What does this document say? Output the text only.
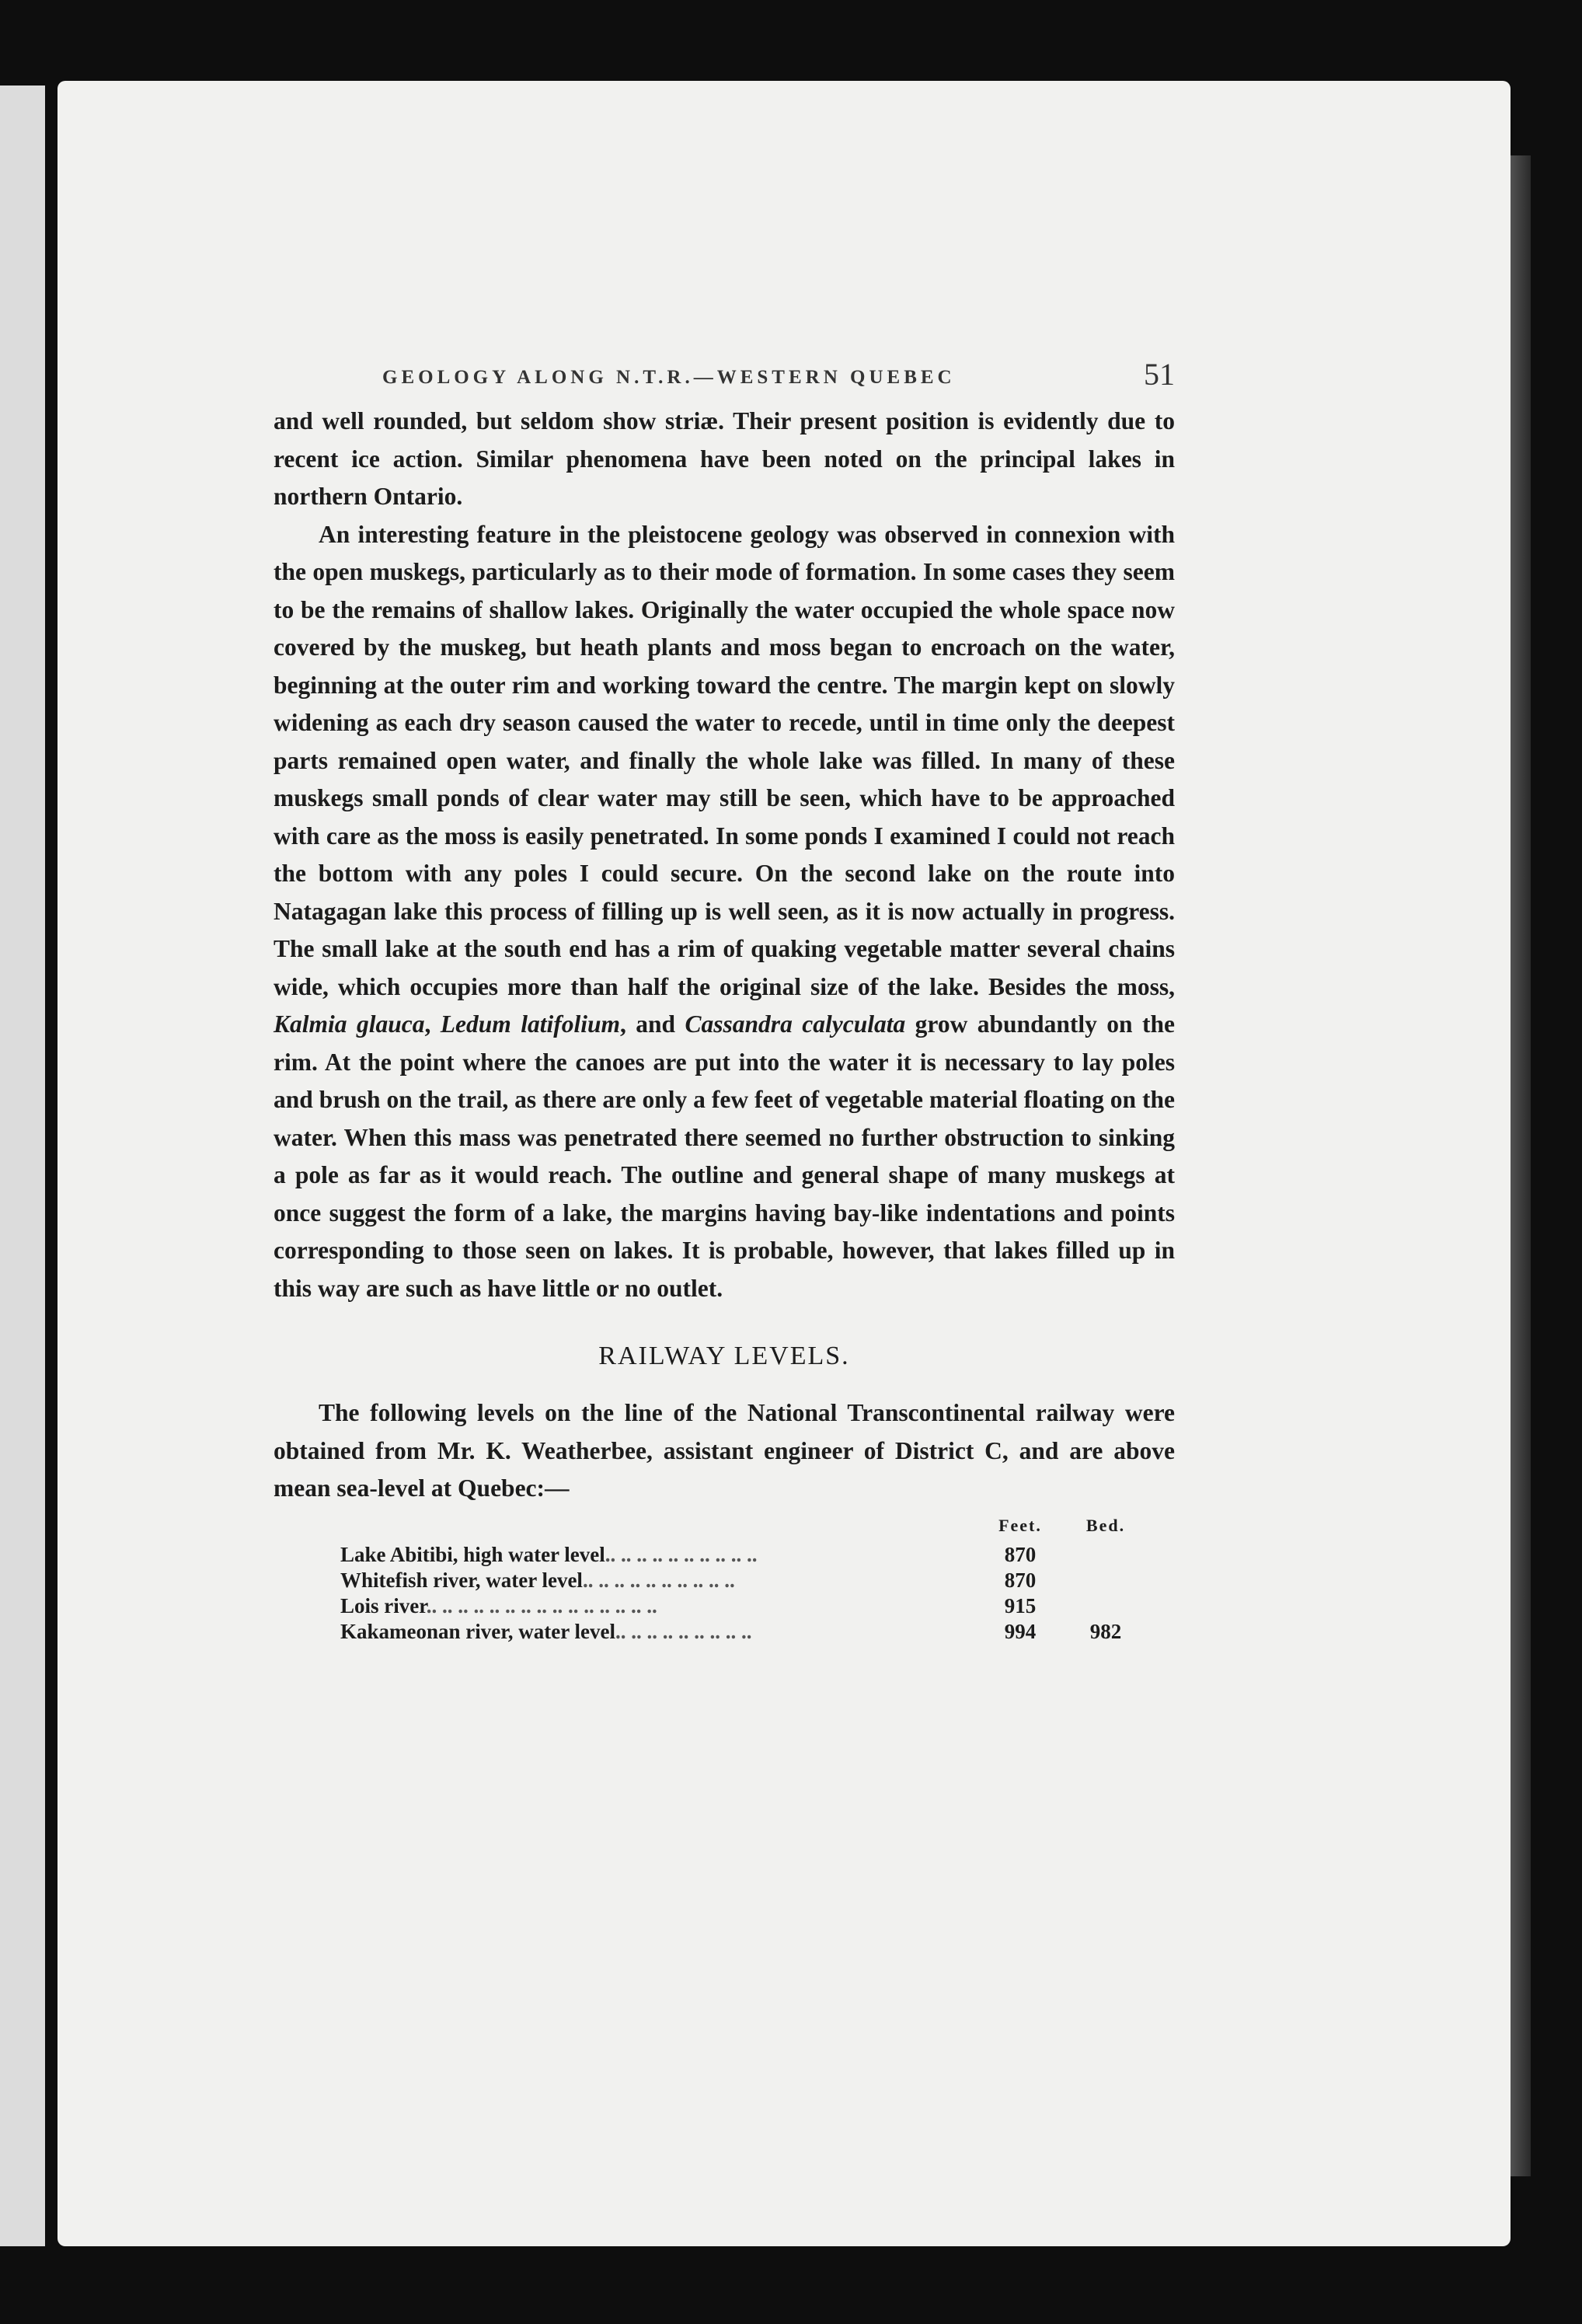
GEOLOGY ALONG N.T.R.—WESTERN QUEBEC	51

and well rounded, but seldom show striæ. Their present position is evidently due to recent ice action. Similar phenomena have been noted on the principal lakes in northern Ontario.

An interesting feature in the pleistocene geology was observed in connexion with the open muskegs, particularly as to their mode of formation. In some cases they seem to be the remains of shallow lakes. Originally the water occupied the whole space now covered by the muskeg, but heath plants and moss began to encroach on the water, beginning at the outer rim and working toward the centre. The margin kept on slowly widening as each dry season caused the water to recede, until in time only the deepest parts remained open water, and finally the whole lake was filled. In many of these muskegs small ponds of clear water may still be seen, which have to be approached with care as the moss is easily penetrated. In some ponds I examined I could not reach the bottom with any poles I could secure. On the second lake on the route into Natagagan lake this process of filling up is well seen, as it is now actually in progress. The small lake at the south end has a rim of quaking vegetable matter several chains wide, which occupies more than half the original size of the lake. Besides the moss, Kalmia glauca, Ledum latifolium, and Cassandra calyculata grow abundantly on the rim. At the point where the canoes are put into the water it is necessary to lay poles and brush on the trail, as there are only a few feet of vegetable material floating on the water. When this mass was penetrated there seemed no further obstruction to sinking a pole as far as it would reach. The outline and general shape of many muskegs at once suggest the form of a lake, the margins having bay-like indentations and points corresponding to those seen on lakes. It is probable, however, that lakes filled up in this way are such as have little or no outlet.

RAILWAY LEVELS.

The following levels on the line of the National Transcontinental railway were obtained from Mr. K. Weatherbee, assistant engineer of District C, and are above mean sea-level at Quebec:—

	Feet.	Bed.
Lake Abitibi, high water level.. .. .. .. .. .. .. .. .. ..	870	
Whitefish river, water level.. .. .. .. .. .. .. .. .. ..	870	
Lois river.. .. .. .. .. .. .. .. .. .. .. .. .. .. ..	915	
Kakameonan river, water level.. .. .. .. .. .. .. .. ..	994	982
